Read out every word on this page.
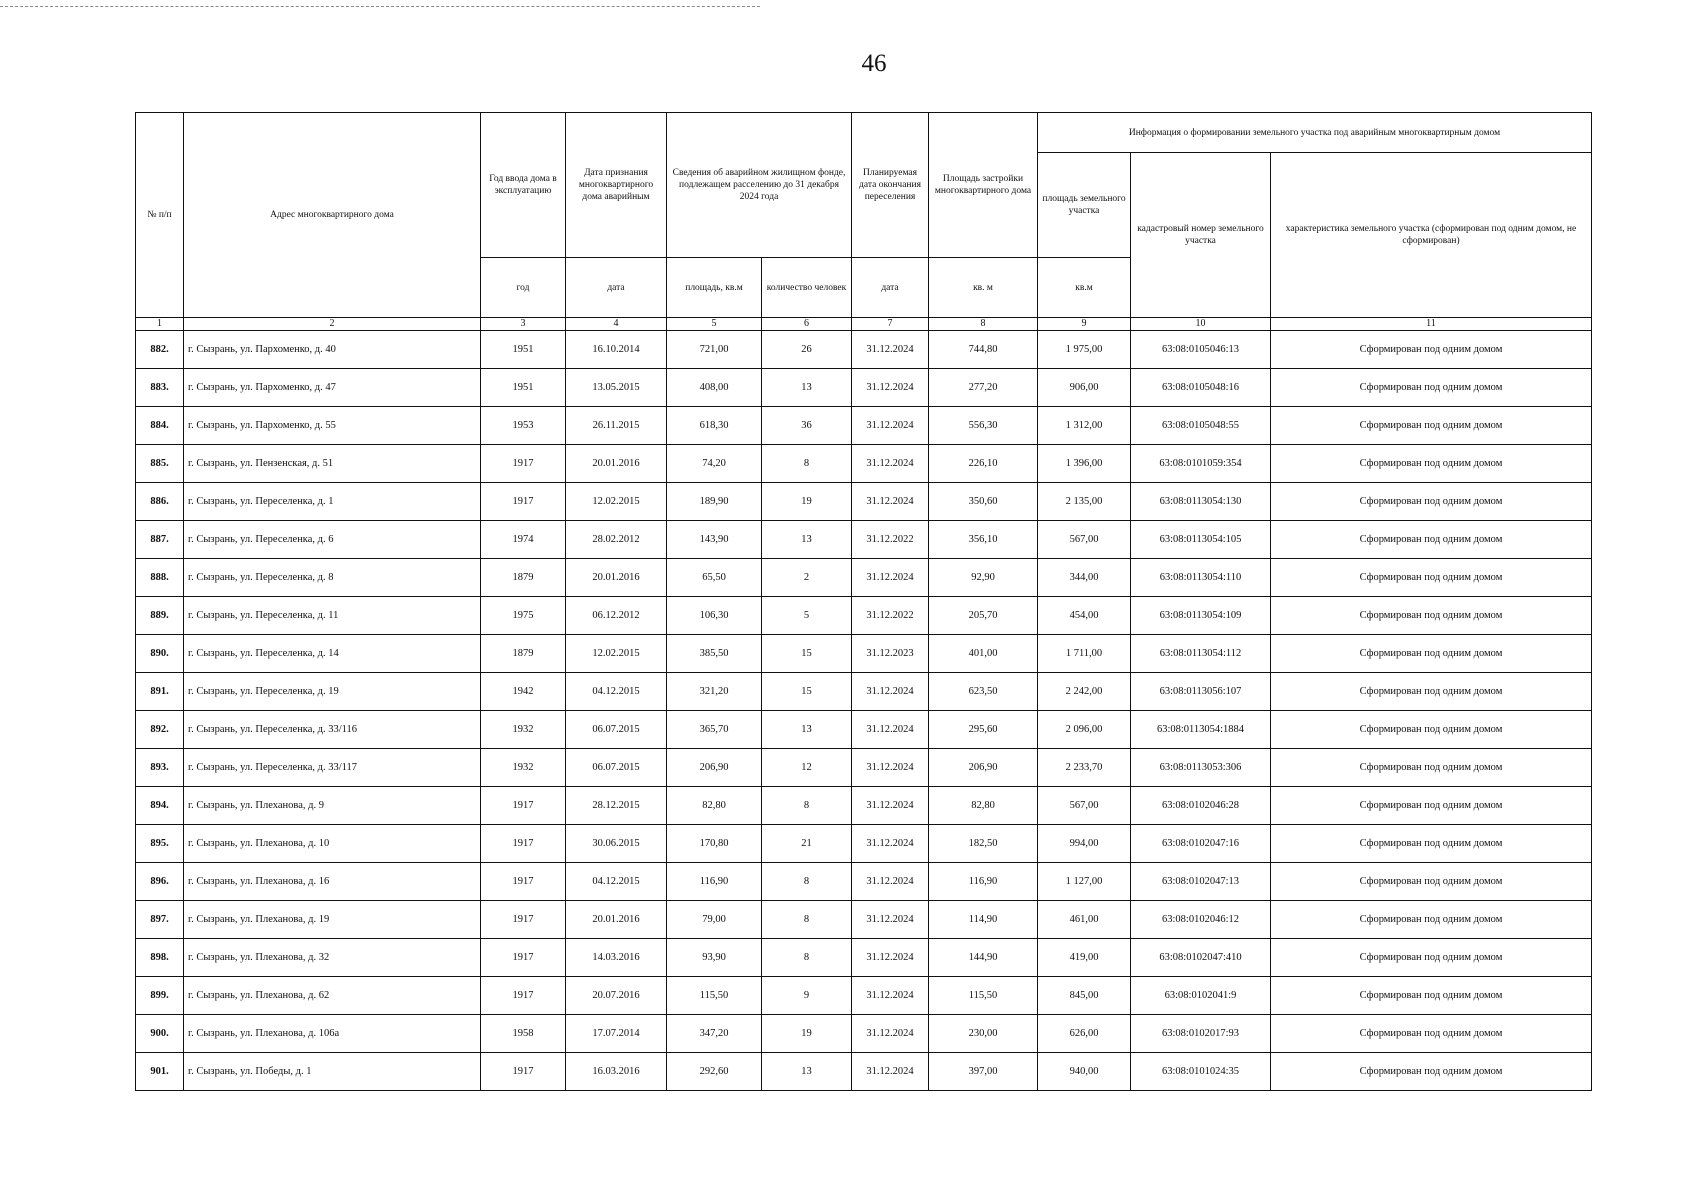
46
№ п/п	Адрес многоквартирного дома	Год ввода дома в эксплуатацию	Дата признания многоквартирного дома аварийным	Сведения об аварийном жилищном фонде, подлежащем расселению до 31 декабря 2024 года		Планируемая дата окончания переселения	Площадь застройки многоквартирного дома	Информация о формировании земельного участка под аварийным многоквартирным домом		
								площадь земельного участка	кадастровый номер земельного участка	характеристика земельного участка (сформирован под одним домом, не сформирован)
		год	дата	площадь, кв.м	количество человек	дата	кв. м	кв.м		
1	2	3	4	5	6	7	8	9	10	11
882.	г. Сызрань, ул. Пархоменко, д. 40	1951	16.10.2014	721,00	26	31.12.2024	744,80	1 975,00	63:08:0105046:13	Сформирован под одним домом
883.	г. Сызрань, ул. Пархоменко, д. 47	1951	13.05.2015	408,00	13	31.12.2024	277,20	906,00	63:08:0105048:16	Сформирован под одним домом
884.	г. Сызрань, ул. Пархоменко, д. 55	1953	26.11.2015	618,30	36	31.12.2024	556,30	1 312,00	63:08:0105048:55	Сформирован под одним домом
885.	г. Сызрань, ул. Пензенская, д. 51	1917	20.01.2016	74,20	8	31.12.2024	226,10	1 396,00	63:08:0101059:354	Сформирован под одним домом
886.	г. Сызрань, ул. Переселенка, д. 1	1917	12.02.2015	189,90	19	31.12.2024	350,60	2 135,00	63:08:0113054:130	Сформирован под одним домом
887.	г. Сызрань, ул. Переселенка, д. 6	1974	28.02.2012	143,90	13	31.12.2022	356,10	567,00	63:08:0113054:105	Сформирован под одним домом
888.	г. Сызрань, ул. Переселенка, д. 8	1879	20.01.2016	65,50	2	31.12.2024	92,90	344,00	63:08:0113054:110	Сформирован под одним домом
889.	г. Сызрань, ул. Переселенка, д. 11	1975	06.12.2012	106,30	5	31.12.2022	205,70	454,00	63:08:0113054:109	Сформирован под одним домом
890.	г. Сызрань, ул. Переселенка, д. 14	1879	12.02.2015	385,50	15	31.12.2023	401,00	1 711,00	63:08:0113054:112	Сформирован под одним домом
891.	г. Сызрань, ул. Переселенка, д. 19	1942	04.12.2015	321,20	15	31.12.2024	623,50	2 242,00	63:08:0113056:107	Сформирован под одним домом
892.	г. Сызрань, ул. Переселенка, д. 33/116	1932	06.07.2015	365,70	13	31.12.2024	295,60	2 096,00	63:08:0113054:1884	Сформирован под одним домом
893.	г. Сызрань, ул. Переселенка, д. 33/117	1932	06.07.2015	206,90	12	31.12.2024	206,90	2 233,70	63:08:0113053:306	Сформирован под одним домом
894.	г. Сызрань, ул. Плеханова, д. 9	1917	28.12.2015	82,80	8	31.12.2024	82,80	567,00	63:08:0102046:28	Сформирован под одним домом
895.	г. Сызрань, ул. Плеханова, д. 10	1917	30.06.2015	170,80	21	31.12.2024	182,50	994,00	63:08:0102047:16	Сформирован под одним домом
896.	г. Сызрань, ул. Плеханова, д. 16	1917	04.12.2015	116,90	8	31.12.2024	116,90	1 127,00	63:08:0102047:13	Сформирован под одним домом
897.	г. Сызрань, ул. Плеханова, д. 19	1917	20.01.2016	79,00	8	31.12.2024	114,90	461,00	63:08:0102046:12	Сформирован под одним домом
898.	г. Сызрань, ул. Плеханова, д. 32	1917	14.03.2016	93,90	8	31.12.2024	144,90	419,00	63:08:0102047:410	Сформирован под одним домом
899.	г. Сызрань, ул. Плеханова, д. 62	1917	20.07.2016	115,50	9	31.12.2024	115,50	845,00	63:08:0102041:9	Сформирован под одним домом
900.	г. Сызрань, ул. Плеханова, д. 106а	1958	17.07.2014	347,20	19	31.12.2024	230,00	626,00	63:08:0102017:93	Сформирован под одним домом
901.	г. Сызрань, ул. Победы, д. 1	1917	16.03.2016	292,60	13	31.12.2024	397,00	940,00	63:08:0101024:35	Сформирован под одним домом
